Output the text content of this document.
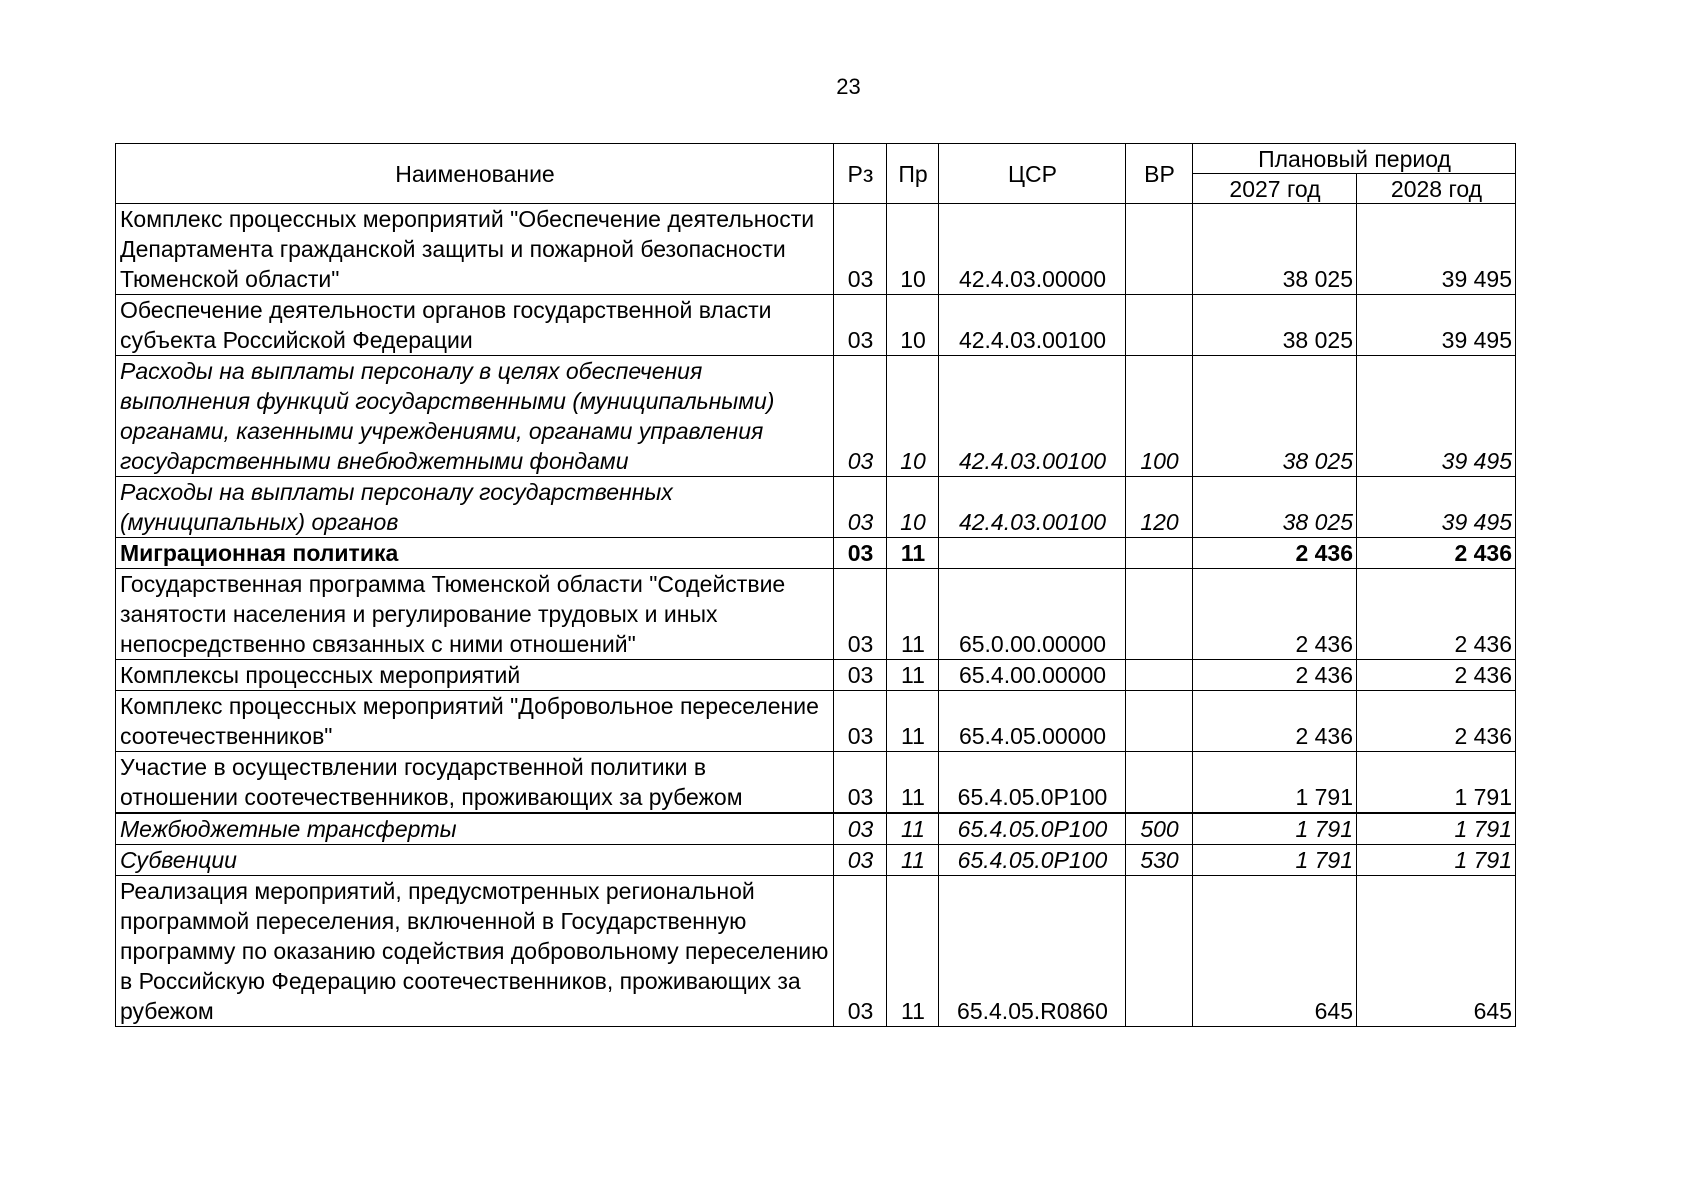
23
Наименование	Рз	Пр	ЦСР	ВР	Плановый период	
					2027 год	2028 год
Комплекс процессных мероприятий "Обеспечение деятельности Департамента гражданской защиты и пожарной безопасности Тюменской области"	03	10	42.4.03.00000		38 025	39 495
Обеспечение деятельности органов государственной власти субъекта Российской Федерации	03	10	42.4.03.00100		38 025	39 495
Расходы на выплаты персоналу в целях обеспечения выполнения функций государственными (муниципальными) органами, казенными учреждениями, органами управления государственными внебюджетными фондами	03	10	42.4.03.00100	100	38 025	39 495
Расходы на выплаты персоналу государственных (муниципальных) органов	03	10	42.4.03.00100	120	38 025	39 495
Миграционная политика	03	11			2 436	2 436
Государственная программа Тюменской области "Содействие занятости населения и регулирование трудовых и иных непосредственно связанных с ними отношений"	03	11	65.0.00.00000		2 436	2 436
Комплексы процессных мероприятий	03	11	65.4.00.00000		2 436	2 436
Комплекс процессных мероприятий "Добровольное переселение соотечественников"	03	11	65.4.05.00000		2 436	2 436
Участие в осуществлении государственной политики в отношении соотечественников, проживающих за рубежом	03	11	65.4.05.0Р100		1 791	1 791
Межбюджетные трансферты	03	11	65.4.05.0Р100	500	1 791	1 791
Субвенции	03	11	65.4.05.0Р100	530	1 791	1 791
Реализация мероприятий, предусмотренных региональной программой переселения, включенной в Государственную программу по оказанию содействия добровольному переселению в Российскую Федерацию соотечественников, проживающих за рубежом	03	11	65.4.05.R0860		645	645
